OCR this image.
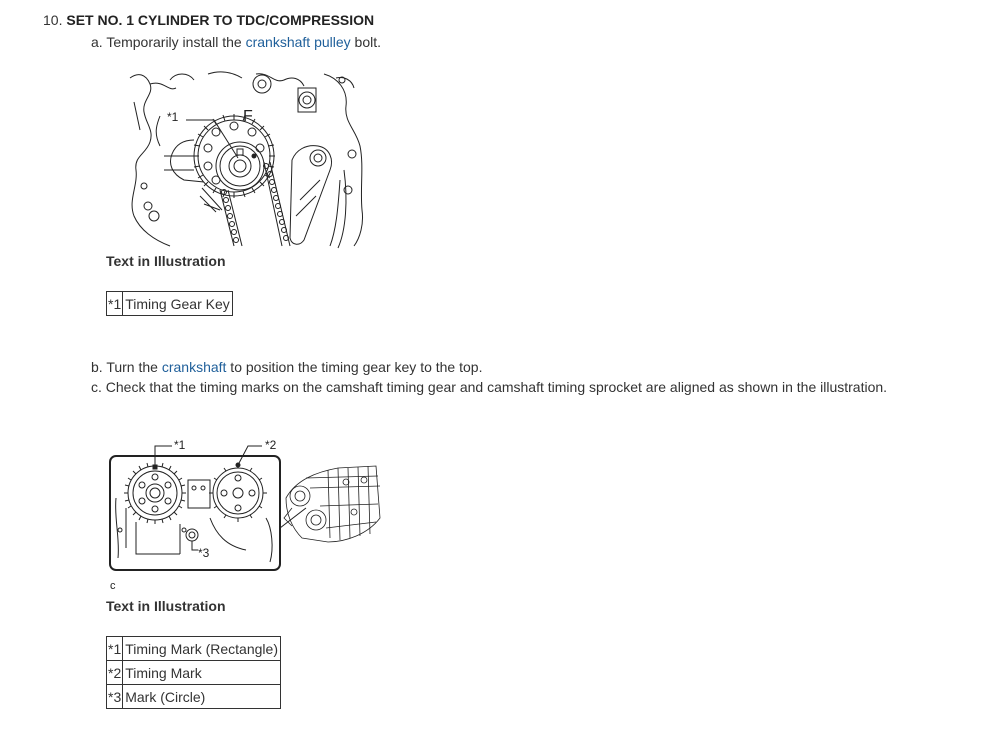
10. SET NO. 1 CYLINDER TO TDC/COMPRESSION
a. Temporarily install the crankshaft pulley bolt.
*1	F
Text in Illustration
*1	Timing Gear Key
b. Turn the crankshaft to position the timing gear key to the top.
c. Check that the timing marks on the camshaft timing gear and camshaft timing sprocket are aligned as shown in the illustration.
*1	*2
*3
c
Text in Illustration
*1	Timing Mark (Rectangle)
*2	Timing Mark
*3	Mark (Circle)
